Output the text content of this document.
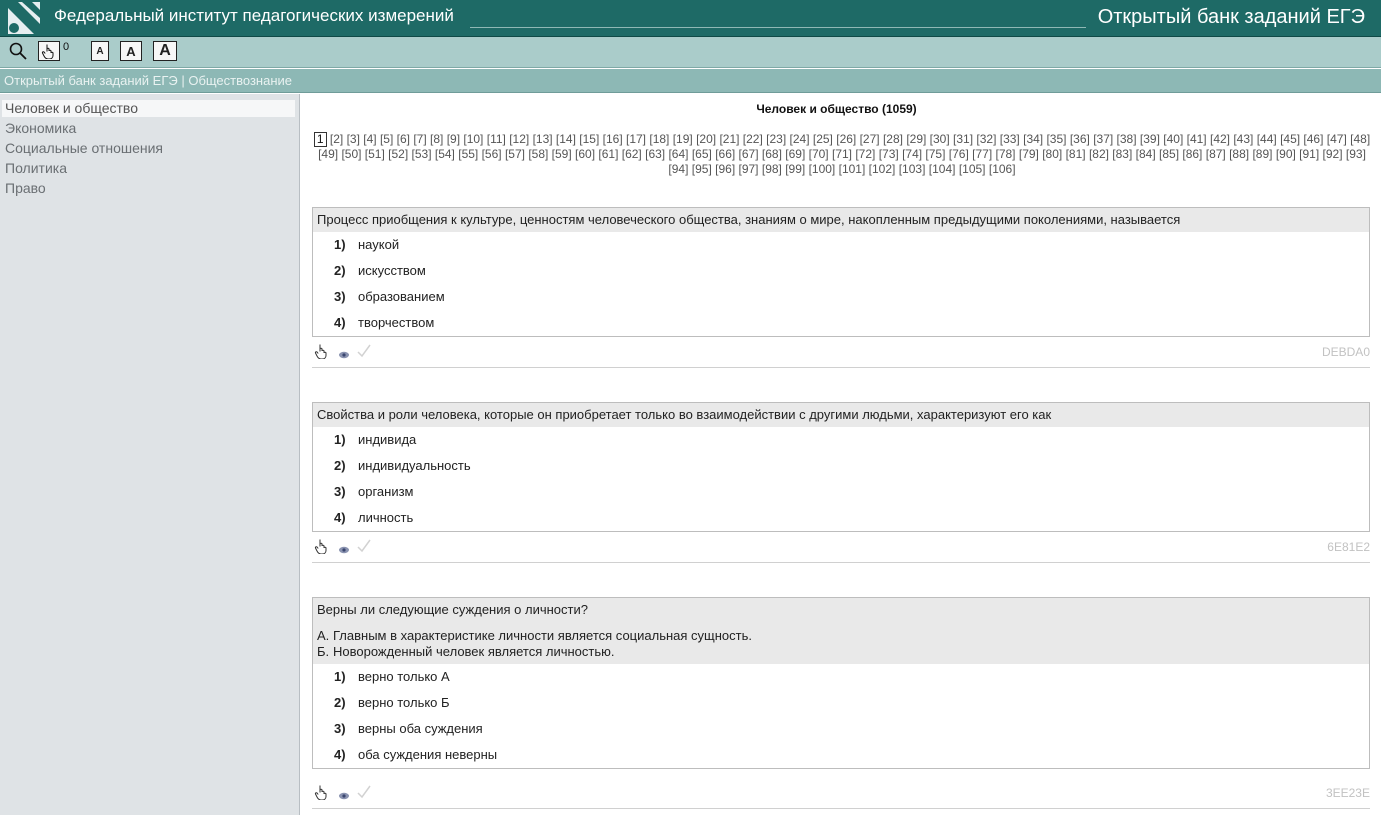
Федеральный институт педагогических измерений	Открытый банк заданий ЕГЭ
0	A	A	A
Открытый банк заданий ЕГЭ | Обществознание
Человек и общество
Экономика
Социальные отношения
Политика
Право
Человек и общество (1059)
1 [2] [3] [4] [5] [6] [7] [8] [9] [10] [11] [12] [13] [14] [15] [16] [17] [18] [19] [20] [21] [22] [23] [24] [25] [26] [27] [28] [29] [30] [31] [32] [33] [34] [35] [36] [37] [38] [39] [40] [41] [42] [43] [44] [45] [46] [47] [48] [49] [50] [51] [52] [53] [54] [55] [56] [57] [58] [59] [60] [61] [62] [63] [64] [65] [66] [67] [68] [69] [70] [71] [72] [73] [74] [75] [76] [77] [78] [79] [80] [81] [82] [83] [84] [85] [86] [87] [88] [89] [90] [91] [92] [93] [94] [95] [96] [97] [98] [99] [100] [101] [102] [103] [104] [105] [106]
Процесс приобщения к культуре, ценностям человеческого общества, знаниям о мире, накопленным предыдущими поколениями, называется
1) наукой
2) искусством
3) образованием
4) творчеством
DEBDA0
Свойства и роли человека, которые он приобретает только во взаимодействии с другими людьми, характеризуют его как
1) индивида
2) индивидуальность
3) организм
4) личность
6E81E2
Верны ли следующие суждения о личности?
А. Главным в характеристике личности является социальная сущность.
Б. Новорожденный человек является личностью.
1) верно только А
2) верно только Б
3) верны оба суждения
4) оба суждения неверны
3EE23E
